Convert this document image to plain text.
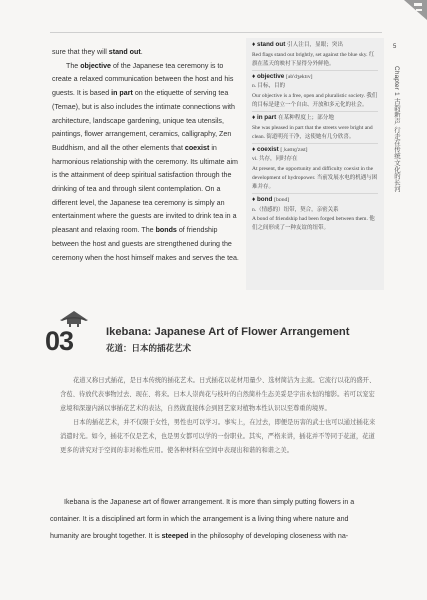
5
Chapter 1 古韵新声 行走在传统文化的长河

sure that they will stand out.

The objective of the Japanese tea ceremony is to create a relaxed communication between the host and his guests. It is based in part on the etiquette of serving tea (Temae), but is also includes the intimate connections with architecture, landscape gardening, unique tea utensils, paintings, flower arrangement, ceramics, calligraphy, Zen Buddhism, and all the other elements that coexist in harmonious relationship with the ceremony. Its ultimate aim is the attainment of deep spiritual satisfaction through the drinking of tea and through silent contemplation. On a different level, the Japanese tea ceremony is simply an entertainment where the guests are invited to drink tea in a pleasant and relaxing room. The bonds of friendship between the host and guests are strengthened during the ceremony when the host himself makes and serves the tea.

♦ stand out 引人注目，显眼；突出
Red flags stand out brightly, set against the blue sky. 红旗在蓝天的映衬下显得分外鲜艳。
♦ objective [əb'dʒektɪv]
n. 目标，目的
Our objective is a free, open and pluralistic society. 我们的目标是建立一个自由、开放和多元化的社会。
♦ in part 在某种程度上；部分地
She was pleased in part that the streets were bright and clean. 街道明亮干净，这使她有几分欣喜。
♦ coexist [ˌkəʊɪɡ'zɪst]
vi. 共存，同时存在
At present, the opportunity and difficulty coexist in the development of hydropower. 当前发展水电的机遇与困难并存。
♦ bond [bɒnd]
n.（情感的）纽带，契合，亲密关系
A bond of friendship had been forged between them. 他们之间形成了一种友谊的纽带。
03	Ikebana: Japanese Art of Flower Arrangement
花道：日本的插花艺术

花道又称日式插花，是日本传统的插花艺术。日式插花以花材用量少、选材简洁为主流。它流行以花的盛开、含苞、待放代表事物过去、现在、将来。日本人崇尚花与枝叶的自然简朴生态美妥是宇宙永恒的缩影。若可以宠宏意境和深邃内涵以事插花艺术的表达，自然做直接体会到回艺家对植物本性认识以至尊重的境界。

日本的插花艺术，并不仅限于女性，男性也可以学习。事实上，在过去，即便是历害的武士也可以通过插花来消遣时光。如今，插花不仅是艺术，也是男女都可以学的一份职业。其实，严格来讲，插花并不等同于花道，花道更多的讲究对于空间的非对称性应用。使各种材料在空间中表现出和谐的和谐之美。

Ikebana is the Japanese art of flower arrangement. It is more than simply putting flowers in a container. It is a disciplined art form in which the arrangement is a living thing where nature and humanity are brought together. It is steeped in the philosophy of developing closeness with na-
